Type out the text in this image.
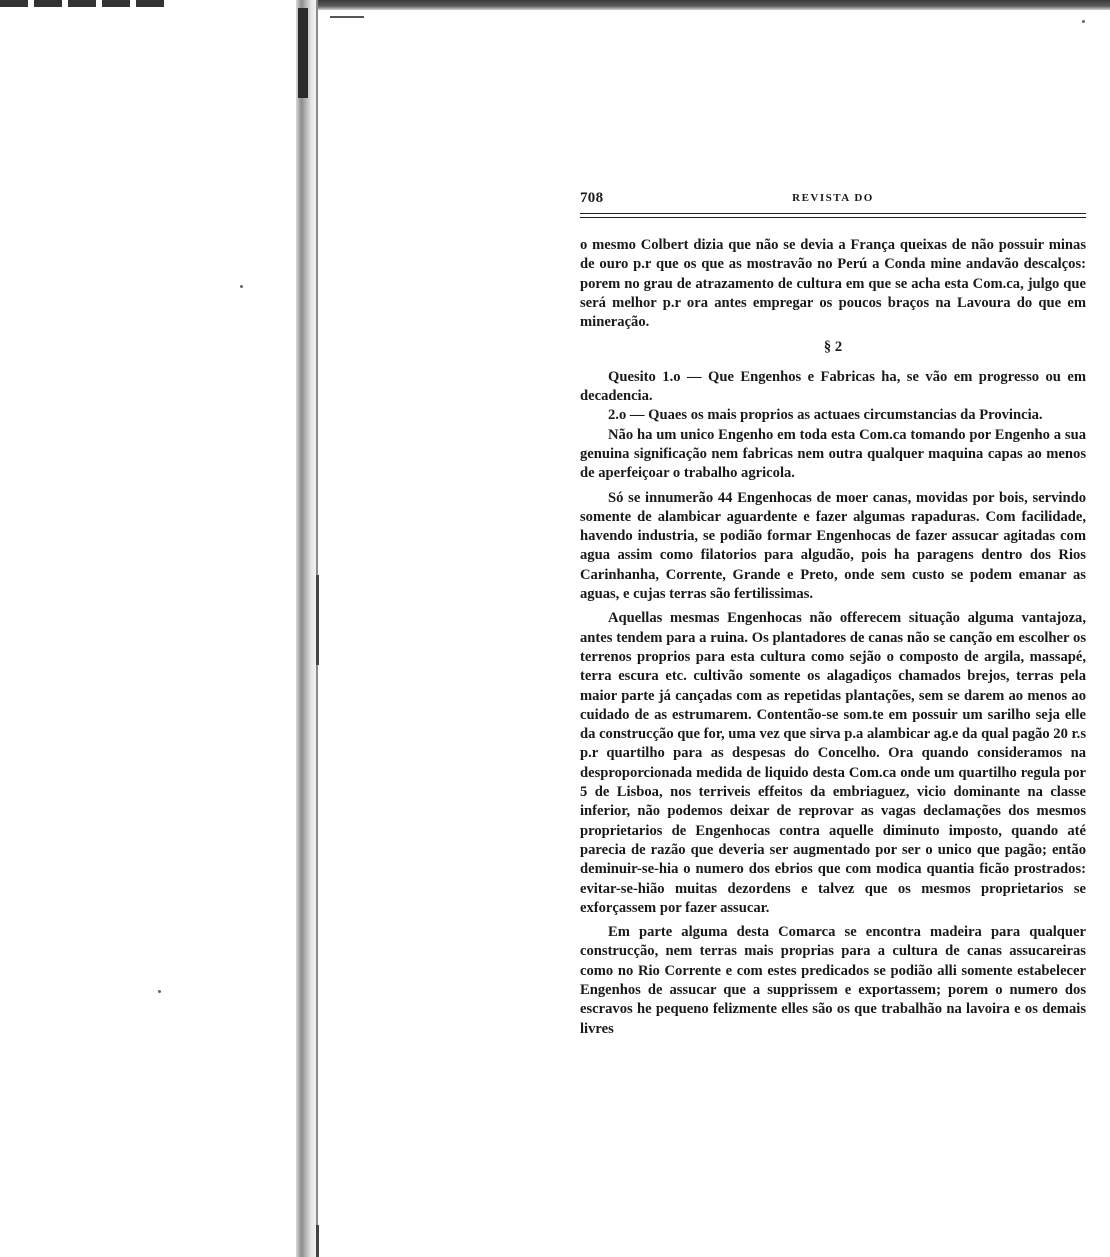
708	REVISTA DO

o mesmo Colbert dizia que não se devia a França queixas de não possuir minas de ouro p.r que os que as mostravão no Perú a Conda mine andavão descalços: porem no grau de atrazamento de cultura em que se acha esta Com.ca, julgo que será melhor p.r ora antes empregar os poucos braços na Lavoura do que em mineração.

§ 2

Quesito 1.o — Que Engenhos e Fabricas ha, se vão em progresso ou em decadencia.

2.o — Quaes os mais proprios as actuaes circumstancias da Provincia.

Não ha um unico Engenho em toda esta Com.ca tomando por Engenho a sua genuina significação nem fabricas nem outra qualquer maquina capas ao menos de aperfeiçoar o trabalho agricola.

Só se innumerão 44 Engenhocas de moer canas, movidas por bois, servindo somente de alambicar aguardente e fazer algumas rapaduras. Com facilidade, havendo industria, se podião formar Engenhocas de fazer assucar agitadas com agua assim como filatorios para algudão, pois ha paragens dentro dos Rios Carinhanha, Corrente, Grande e Preto, onde sem custo se podem emanar as aguas, e cujas terras são fertilissimas.

Aquellas mesmas Engenhocas não offerecem situação alguma vantajoza, antes tendem para a ruina. Os plantadores de canas não se canção em escolher os terrenos proprios para esta cultura como sejão o composto de argila, massapé, terra escura etc. cultivão somente os alagadiços chamados brejos, terras pela maior parte já cançadas com as repetidas plantações, sem se darem ao menos ao cuidado de as estrumarem. Contentão-se som.te em possuir um sarilho seja elle da construcção que for, uma vez que sirva p.a alambicar ag.e da qual pagão 20 r.s p.r quartilho para as despesas do Concelho. Ora quando consideramos na desproporcionada medida de liquido desta Com.ca onde um quartilho regula por 5 de Lisboa, nos terriveis effeitos da embriaguez, vicio dominante na classe inferior, não podemos deixar de reprovar as vagas declamações dos mesmos proprietarios de Engenhocas contra aquelle diminuto imposto, quando até parecia de razão que deveria ser augmentado por ser o unico que pagão; então deminuir-se-hia o numero dos ebrios que com modica quantia ficão prostrados: evitar-se-hião muitas dezordens e talvez que os mesmos proprietarios se exforçassem por fazer assucar.

Em parte alguma desta Comarca se encontra madeira para qualquer construcção, nem terras mais proprias para a cultura de canas assucareiras como no Rio Corrente e com estes predicados se podião alli somente estabelecer Engenhos de assucar que a supprissem e exportassem; porem o numero dos escravos he pequeno felizmente elles são os que trabalhão na lavoira e os demais livres
